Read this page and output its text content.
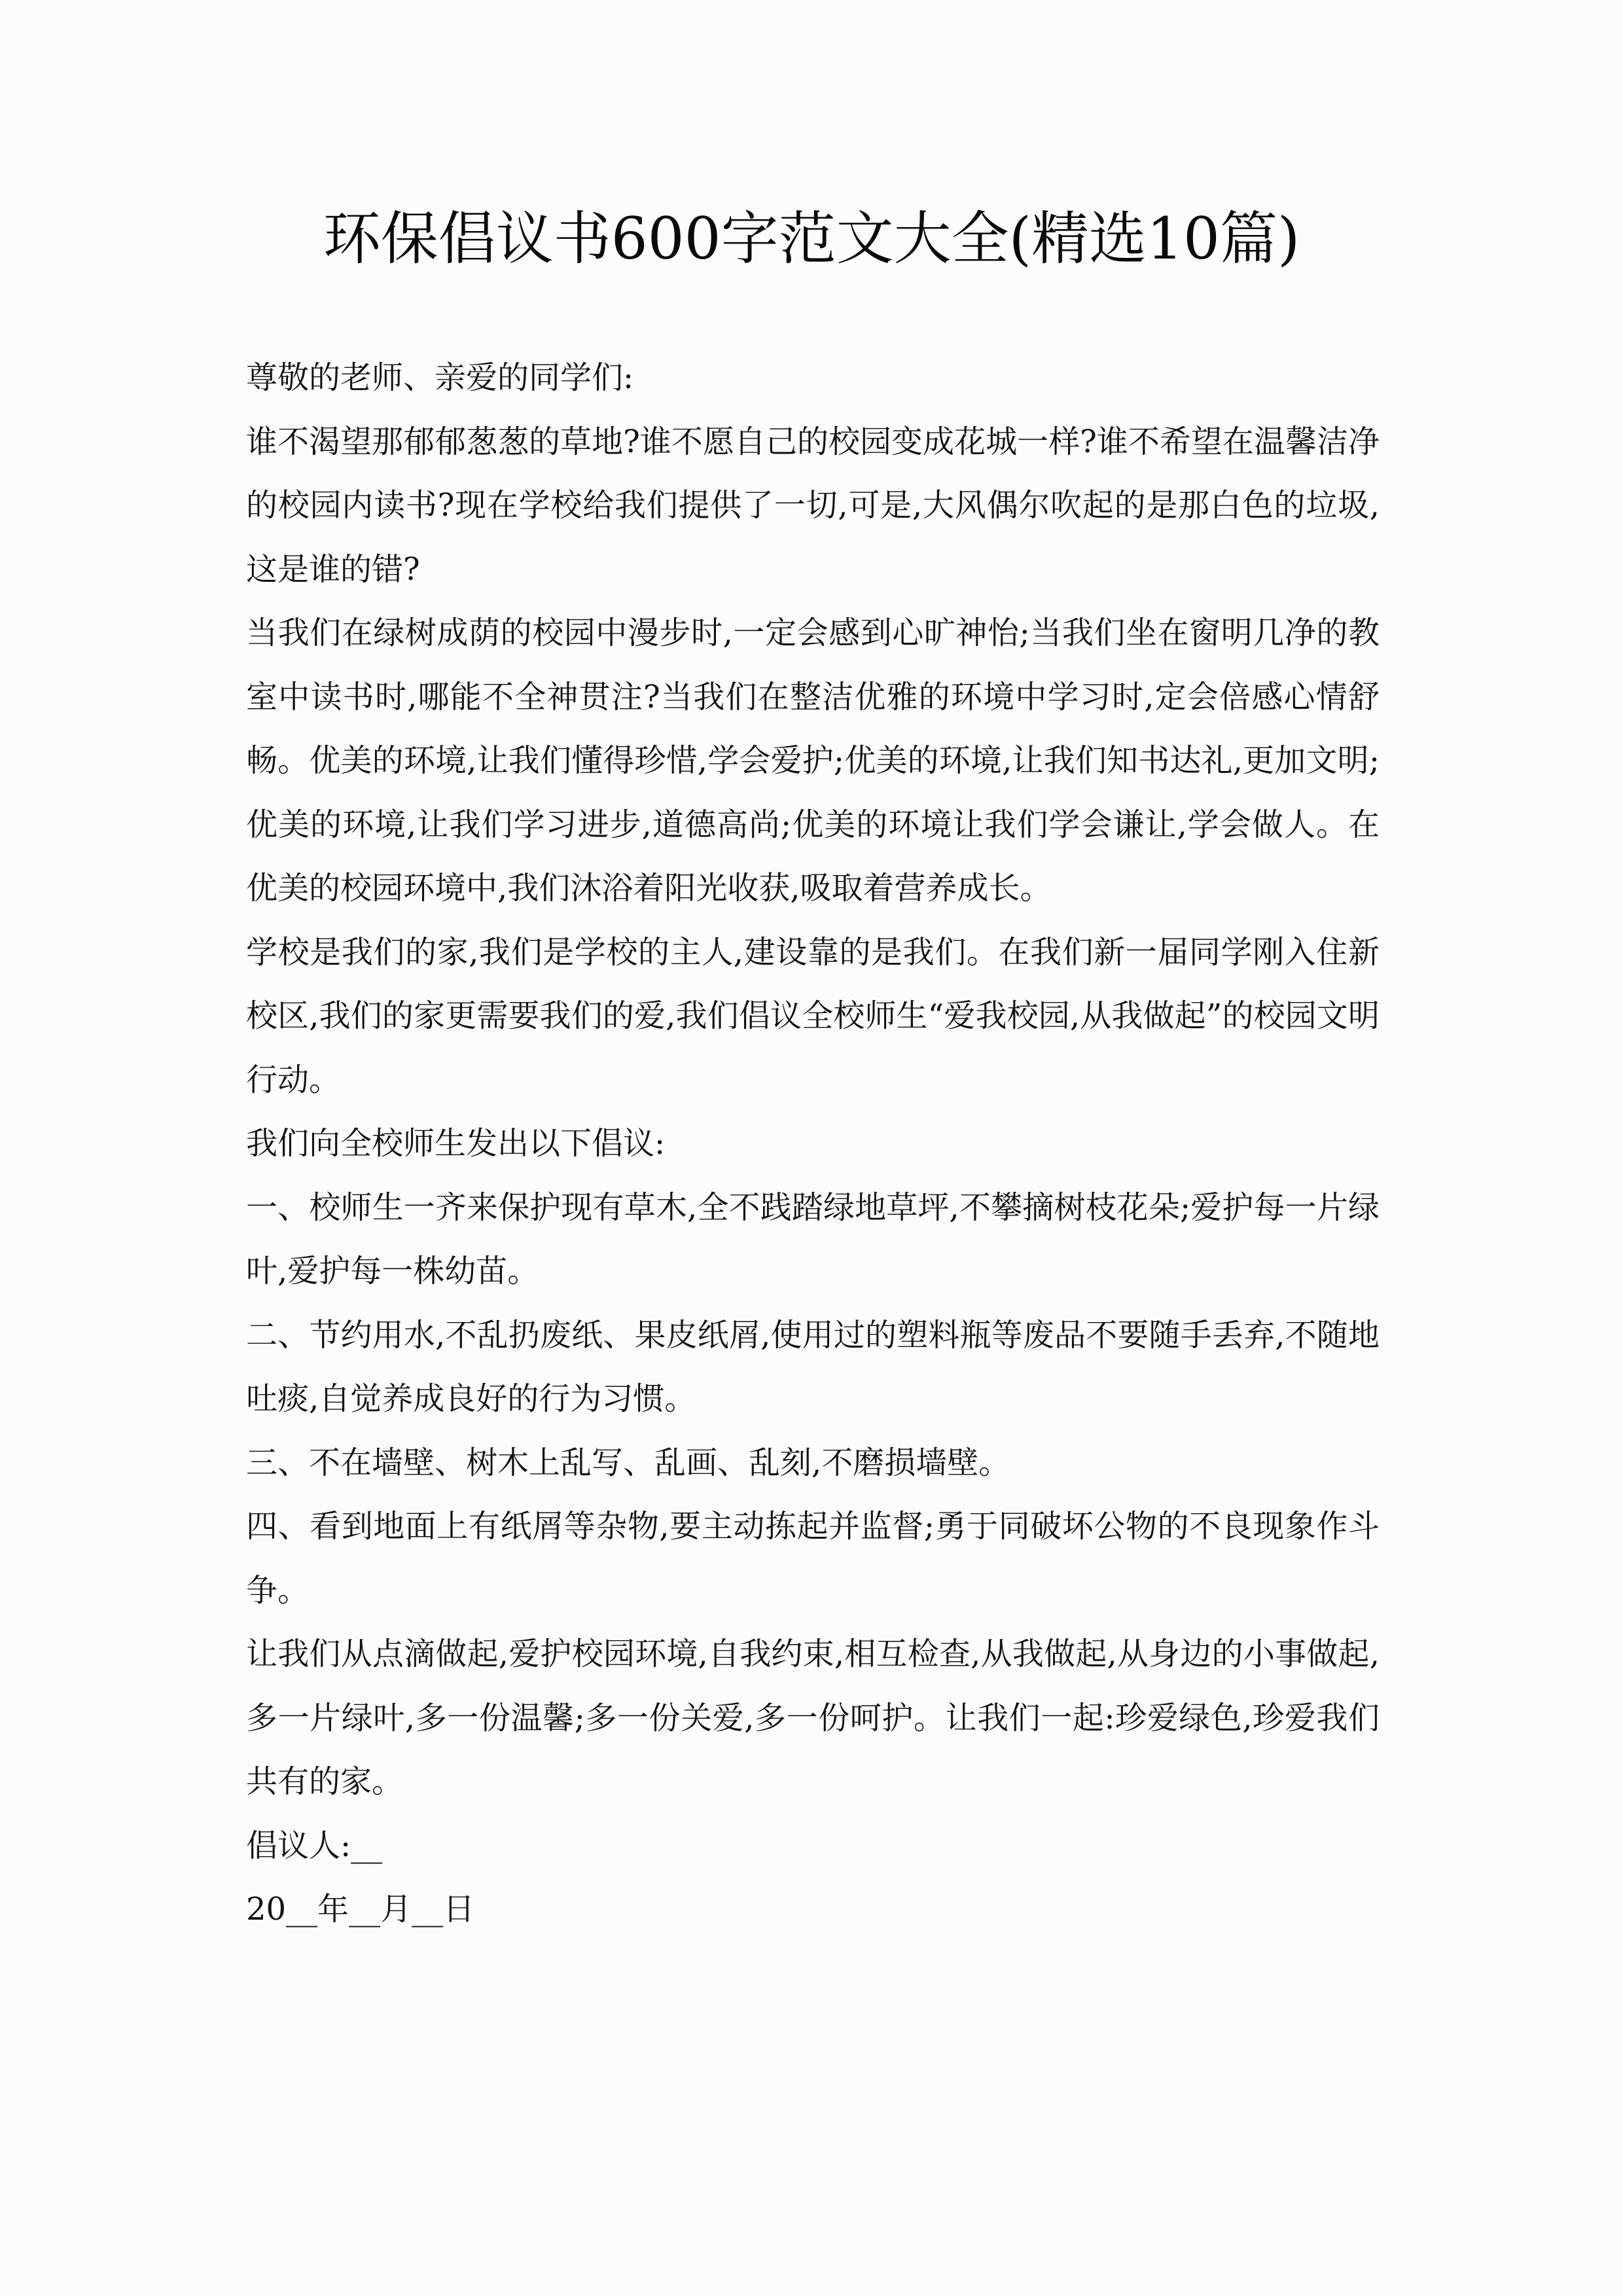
环保倡议书600字范文大全(精选10篇)

尊敬的老师、亲爱的同学们:

谁不渴望那郁郁葱葱的草地?谁不愿自己的校园变成花城一样?谁不希望在温馨洁净的校园内读书?现在学校给我们提供了一切,可是,大风偶尔吹起的是那白色的垃圾,这是谁的错?

当我们在绿树成荫的校园中漫步时,一定会感到心旷神怡;当我们坐在窗明几净的教室中读书时,哪能不全神贯注?当我们在整洁优雅的环境中学习时,定会倍感心情舒畅。优美的环境,让我们懂得珍惜,学会爱护;优美的环境,让我们知书达礼,更加文明;优美的环境,让我们学习进步,道德高尚;优美的环境让我们学会谦让,学会做人。在优美的校园环境中,我们沐浴着阳光收获,吸取着营养成长。

学校是我们的家,我们是学校的主人,建设靠的是我们。在我们新一届同学刚入住新校区,我们的家更需要我们的爱,我们倡议全校师生“爱我校园,从我做起”的校园文明行动。

我们向全校师生发出以下倡议:

一、校师生一齐来保护现有草木,全不践踏绿地草坪,不攀摘树枝花朵;爱护每一片绿叶,爱护每一株幼苗。

二、节约用水,不乱扔废纸、果皮纸屑,使用过的塑料瓶等废品不要随手丢弃,不随地吐痰,自觉养成良好的行为习惯。

三、不在墙壁、树木上乱写、乱画、乱刻,不磨损墙壁。

四、看到地面上有纸屑等杂物,要主动拣起并监督;勇于同破坏公物的不良现象作斗争。

让我们从点滴做起,爱护校园环境,自我约束,相互检查,从我做起,从身边的小事做起,多一片绿叶,多一份温馨;多一份关爱,多一份呵护。让我们一起:珍爱绿色,珍爱我们共有的家。

倡议人:__

20__年__月__日
